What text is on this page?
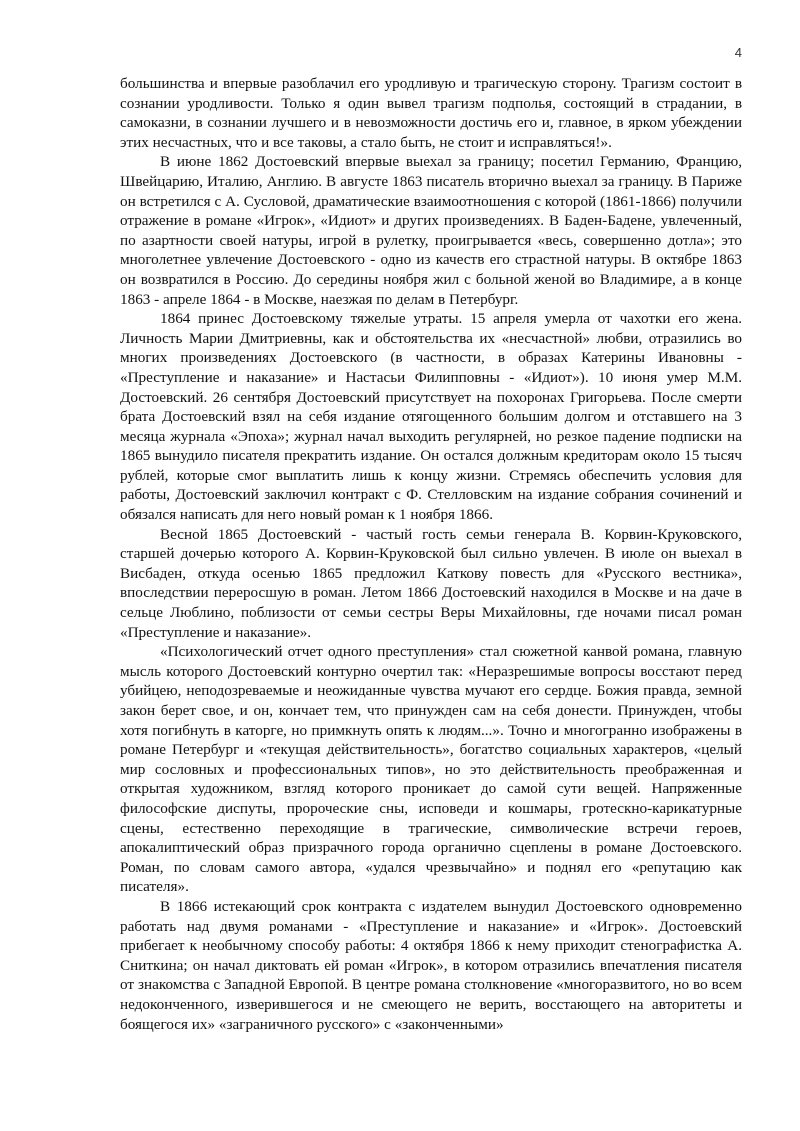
4

большинства и впервые разоблачил его уродливую и трагическую сторону. Трагизм состоит в сознании уродливости. Только я один вывел трагизм подполья, состоящий в страдании, в самоказни, в сознании лучшего и в невозможности достичь его и, главное, в ярком убеждении этих несчастных, что и все таковы, а стало быть, не стоит и исправляться!».

В июне 1862 Достоевский впервые выехал за границу; посетил Германию, Францию, Швейцарию, Италию, Англию. В августе 1863 писатель вторично выехал за границу. В Париже он встретился с А. Сусловой, драматические взаимоотношения с которой (1861-1866) получили отражение в романе «Игрок», «Идиот» и других произведениях. В Баден-Бадене, увлеченный, по азартности своей натуры, игрой в рулетку, проигрывается «весь, совершенно дотла»; это многолетнее увлечение Достоевского - одно из качеств его страстной натуры. В октябре 1863 он возвратился в Россию. До середины ноября жил с больной женой во Владимире, а в конце 1863 - апреле 1864 - в Москве, наезжая по делам в Петербург.

1864 принес Достоевскому тяжелые утраты. 15 апреля умерла от чахотки его жена. Личность Марии Дмитриевны, как и обстоятельства их «несчастной» любви, отразились во многих произведениях Достоевского (в частности, в образах Катерины Ивановны - «Преступление и наказание» и Настасьи Филипповны - «Идиот»). 10 июня умер М.М. Достоевский. 26 сентября Достоевский присутствует на похоронах Григорьева. После смерти брата Достоевский взял на себя издание отягощенного большим долгом и отставшего на 3 месяца журнала «Эпоха»; журнал начал выходить регулярней, но резкое падение подписки на 1865 вынудило писателя прекратить издание. Он остался должным кредиторам около 15 тысяч рублей, которые смог выплатить лишь к концу жизни. Стремясь обеспечить условия для работы, Достоевский заключил контракт с Ф. Стелловским на издание собрания сочинений и обязался написать для него новый роман к 1 ноября 1866.

Весной 1865 Достоевский - частый гость семьи генерала В. Корвин-Круковского, старшей дочерью которого А. Корвин-Круковской был сильно увлечен. В июле он выехал в Висбаден, откуда осенью 1865 предложил Каткову повесть для «Русского вестника», впоследствии переросшую в роман. Летом 1866 Достоевский находился в Москве и на даче в сельце Люблино, поблизости от семьи сестры Веры Михайловны, где ночами писал роман «Преступление и наказание».

«Психологический отчет одного преступления» стал сюжетной канвой романа, главную мысль которого Достоевский контурно очертил так: «Неразрешимые вопросы восстают перед убийцею, неподозреваемые и неожиданные чувства мучают его сердце. Божия правда, земной закон берет свое, и он, кончает тем, что принужден сам на себя донести. Принужден, чтобы хотя погибнуть в каторге, но примкнуть опять к людям...». Точно и многогранно изображены в романе Петербург и «текущая действительность», богатство социальных характеров, «целый мир сословных и профессиональных типов», но это действительность преображенная и открытая художником, взгляд которого проникает до самой сути вещей. Напряженные философские диспуты, пророческие сны, исповеди и кошмары, гротескно-карикатурные сцены, естественно переходящие в трагические, символические встречи героев, апокалиптический образ призрачного города органично сцеплены в романе Достоевского. Роман, по словам самого автора, «удался чрезвычайно» и поднял его «репутацию как писателя».

В 1866 истекающий срок контракта с издателем вынудил Достоевского одновременно работать над двумя романами - «Преступление и наказание» и «Игрок». Достоевский прибегает к необычному способу работы: 4 октября 1866 к нему приходит стенографистка А. Сниткина; он начал диктовать ей роман «Игрок», в котором отразились впечатления писателя от знакомства с Западной Европой. В центре романа столкновение «многоразвитого, но во всем недоконченного, изверившегося и не смеющего не верить, восстающего на авторитеты и боящегося их» «заграничного русского» с «законченными»
